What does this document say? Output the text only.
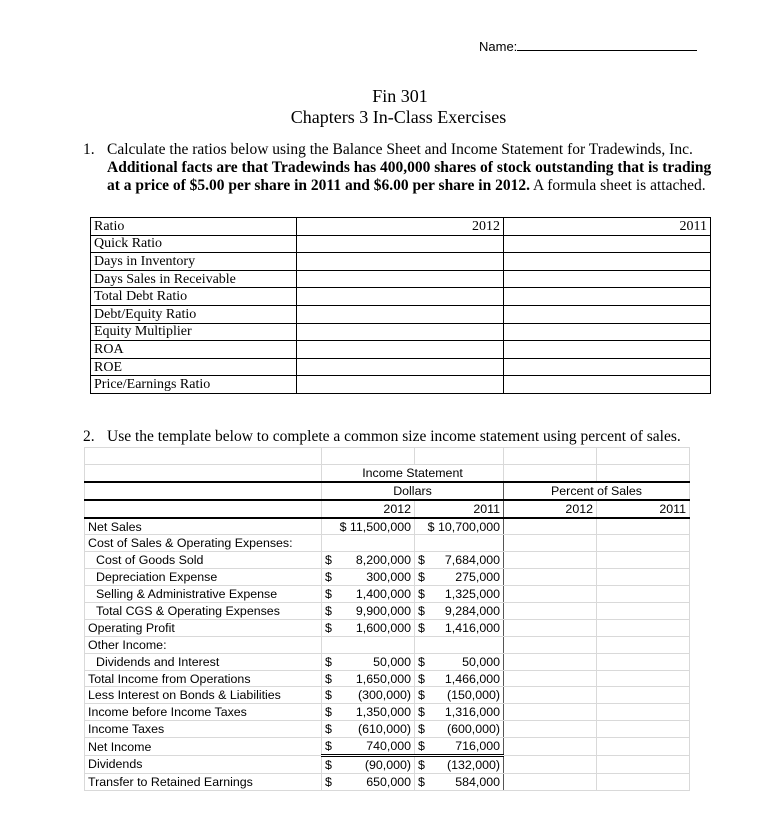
Name:
Fin 301
Chapters 3 In-Class Exercises
1. Calculate the ratios below using the Balance Sheet and Income Statement for Tradewinds, Inc. Additional facts are that Tradewinds has 400,000 shares of stock outstanding that is trading at a price of $5.00 per share in 2011 and $6.00 per share in 2012. A formula sheet is attached.
Ratio	2012	2011
Quick Ratio		
Days in Inventory		
Days Sales in Receivable		
Total Debt Ratio		
Debt/Equity Ratio		
Equity Multiplier		
ROA		
ROE		
Price/Earnings Ratio		
2. Use the template below to complete a common size income statement using percent of sales.

	Income Statement			
	Dollars		Percent of Sales	
	2012	2011	2012	2011
Net Sales	$ 11,500,000	$ 10,700,000		

Cost of Sales & Operating Expenses:				
Cost of Goods Sold	$ 8,200,000	$ 7,684,000		

Depreciation Expense	$ 300,000	$ 275,000		

Selling & Administrative Expense	$ 1,400,000	$ 1,325,000		

Total CGS & Operating Expenses	$ 9,900,000	$ 9,284,000		

Operating Profit	$ 1,600,000	$ 1,416,000		

Other Income:				
Dividends and Interest	$ 50,000	$ 50,000		

Total Income from Operations	$ 1,650,000	$ 1,466,000		

Less Interest on Bonds & Liabilities	$ (300,000)	$ (150,000)		

Income before Income Taxes	$ 1,350,000	$ 1,316,000		

Income Taxes	$ (610,000)	$ (600,000)		

Net Income	$ 740,000	$ 716,000		

Dividends	$ (90,000)	$ (132,000)		

Transfer to Retained Earnings	$ 650,000	$ 584,000		
